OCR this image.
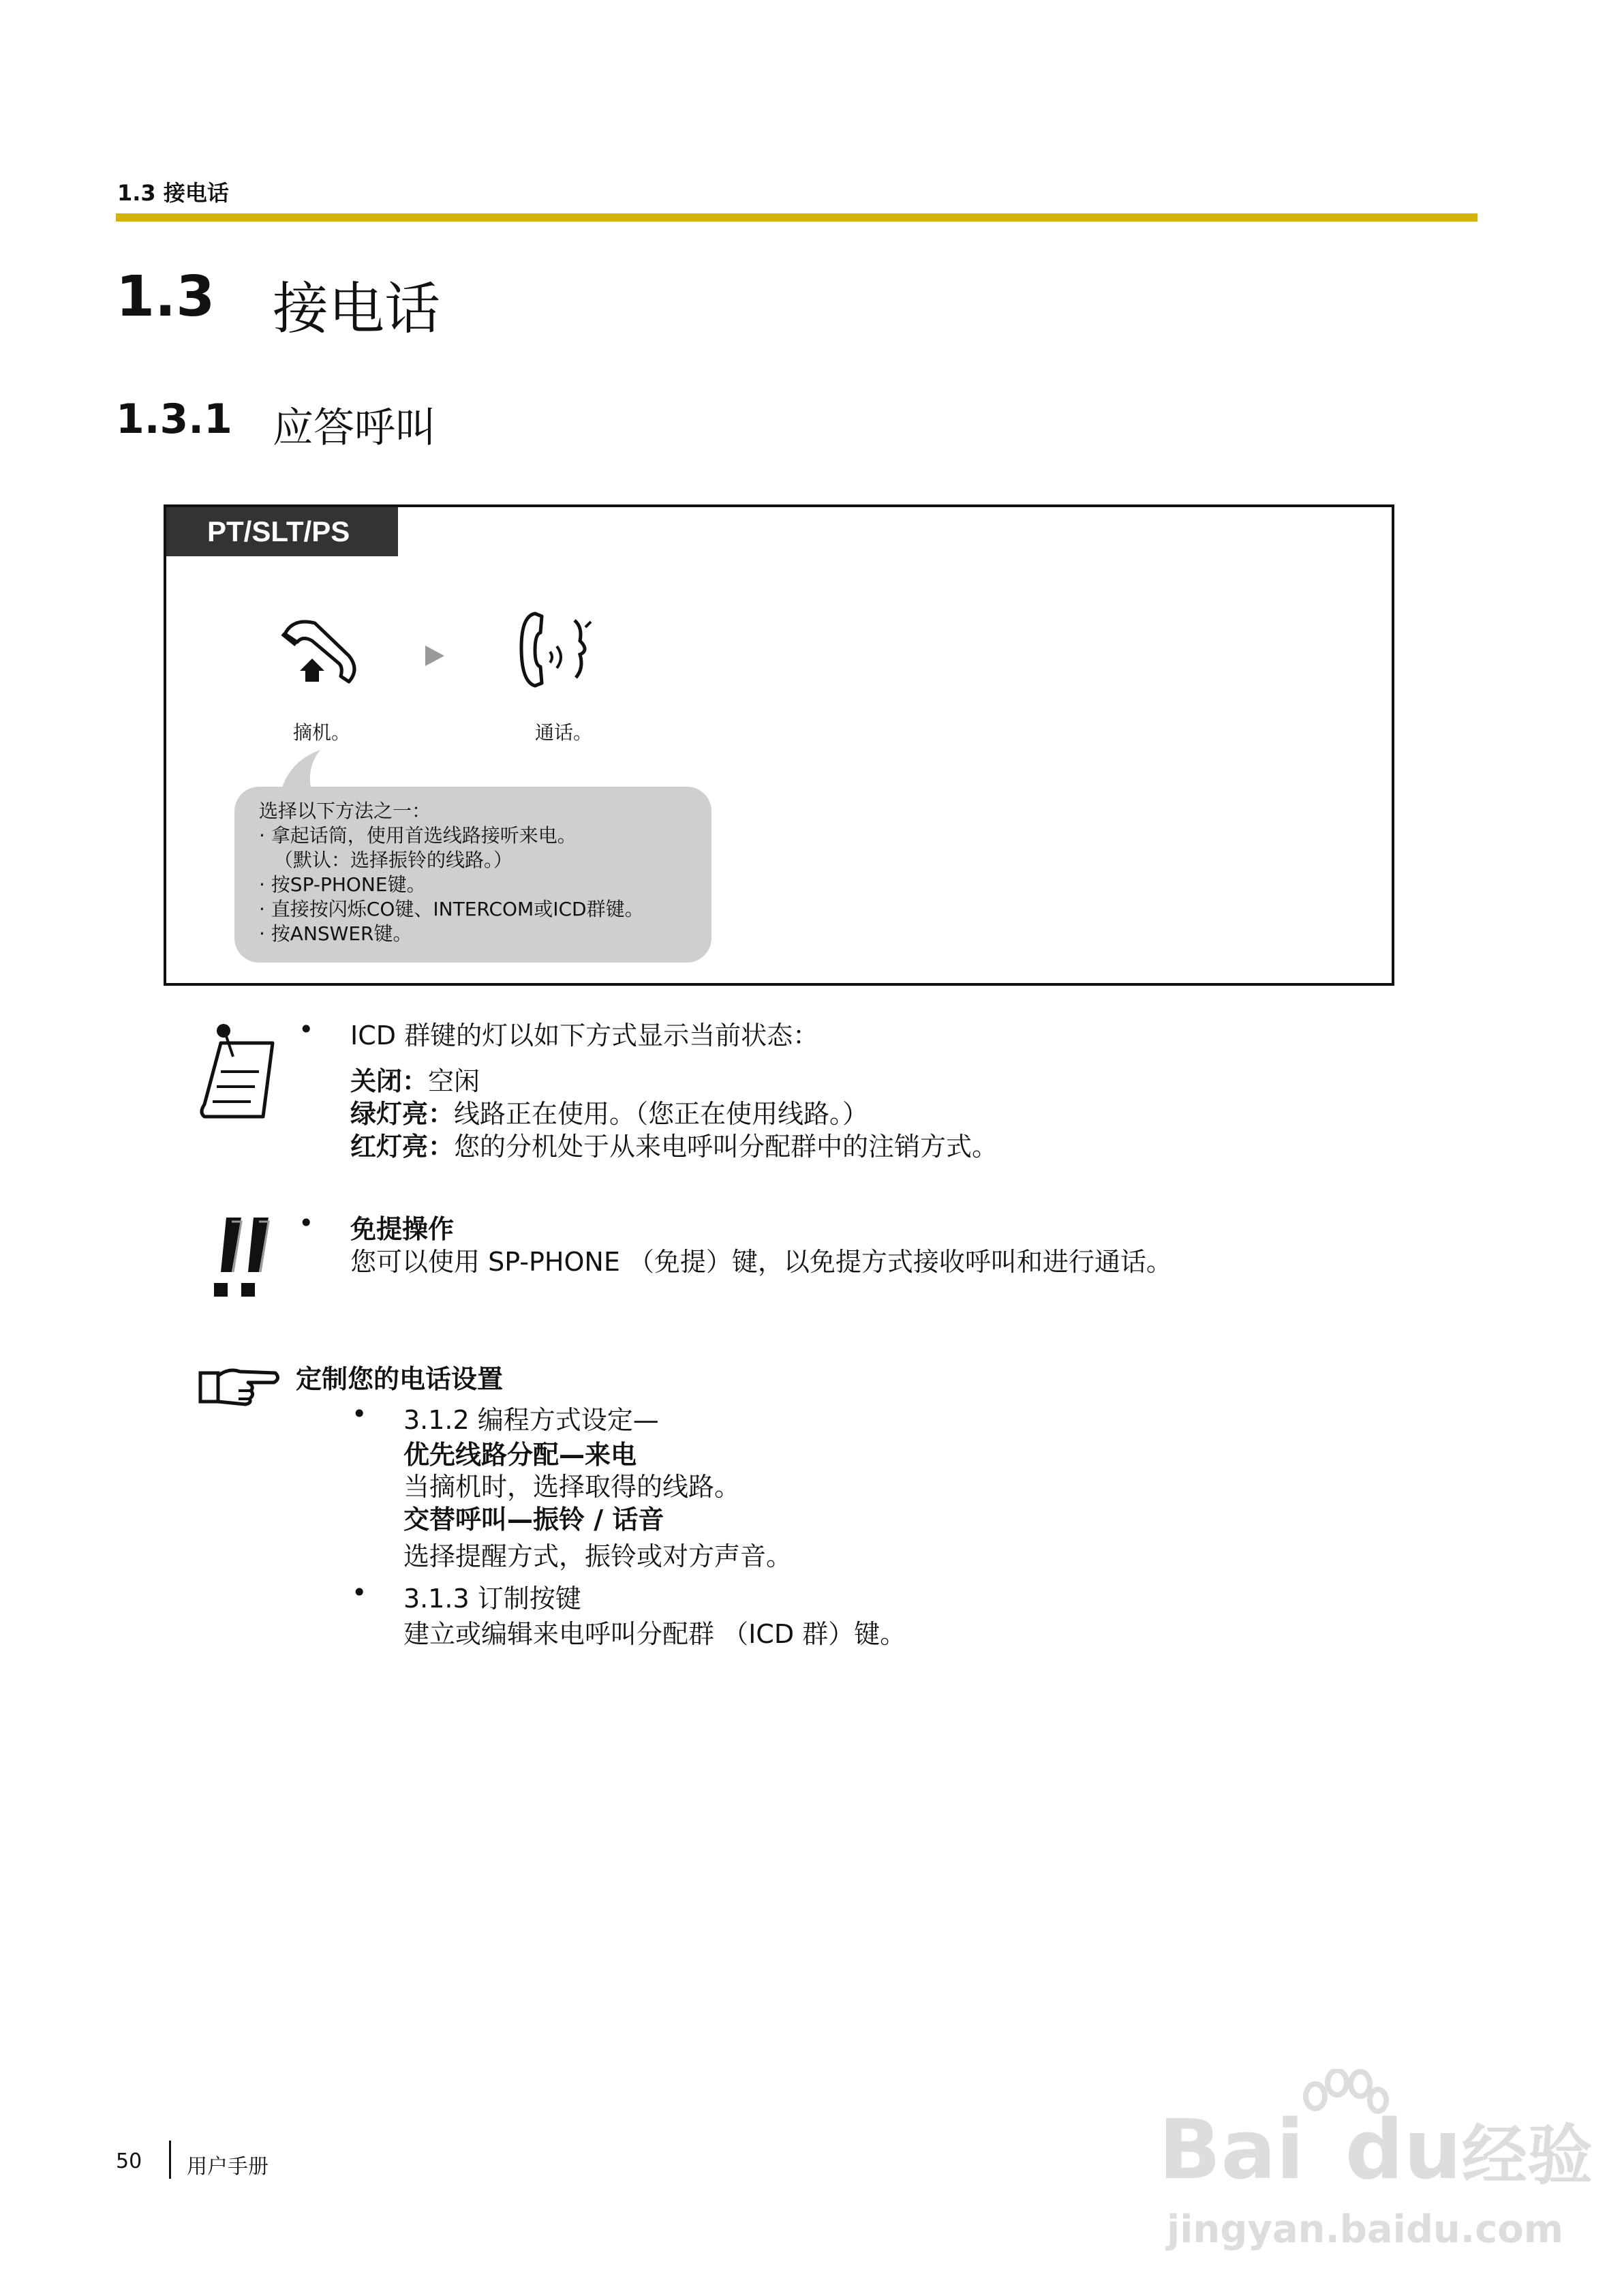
1.3 接电话
1.3 接电话
1.3.1 应答呼叫
PT/SLT/PS
摘机。	通话。
选择以下方法之一：
· 拿起话筒，使用首选线路接听来电。
（默认：选择振铃的线路。）
· 按SP-PHONE键。
· 直接按闪烁CO键、INTERCOM或ICD群键。
· 按ANSWER键。
• ICD 群键的灯以如下方式显示当前状态：
关闭：空闲
绿灯亮：线路正在使用。（您正在使用线路。）
红灯亮：您的分机处于从来电呼叫分配群中的注销方式。
• 免提操作
您可以使用 SP-PHONE （免提）键，以免提方式接收呼叫和进行通话。
定制您的电话设置
• 3.1.2 编程方式设定—
优先线路分配—来电
当摘机时，选择取得的线路。
交替呼叫—振铃 / 话音
选择提醒方式，振铃或对方声音。
• 3.1.3 订制按键
建立或编辑来电呼叫分配群 （ICD 群）键。
50 用户手册	Bai du经验
jingyan.baidu.com
